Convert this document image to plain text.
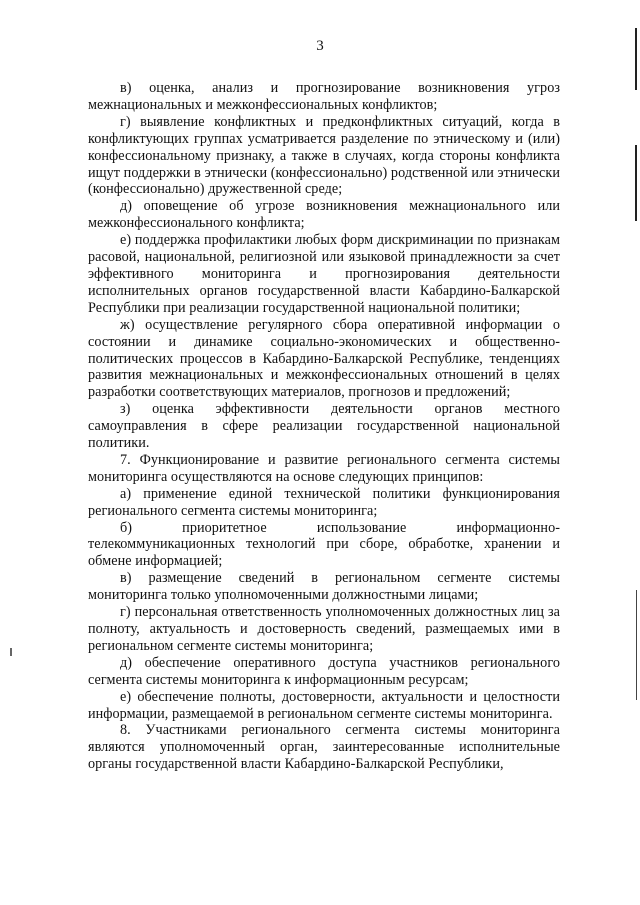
3

в) оценка, анализ и прогнозирование возникновения угроз межнациональных и межконфессиональных конфликтов;

г) выявление конфликтных и предконфликтных ситуаций, когда в конфликтующих группах усматривается разделение по этническому и (или) конфессиональному признаку, а также в случаях, когда стороны конфликта ищут поддержки в этнически (конфессионально) родственной или этнически (конфессионально) дружественной среде;

д) оповещение об угрозе возникновения межнационального или межконфессионального конфликта;

е) поддержка профилактики любых форм дискриминации по признакам расовой, национальной, религиозной или языковой принадлежности за счет эффективного мониторинга и прогнозирования деятельности исполнительных органов государственной власти Кабардино-Балкарской Республики при реализации государственной национальной политики;

ж) осуществление регулярного сбора оперативной информации о состоянии и динамике социально-экономических и общественно-политических процессов в Кабардино-Балкарской Республике, тенденциях развития межнациональных и межконфессиональных отношений в целях разработки соответствующих материалов, прогнозов и предложений;

з) оценка эффективности деятельности органов местного самоуправления в сфере реализации государственной национальной политики.

7. Функционирование и развитие регионального сегмента системы мониторинга осуществляются на основе следующих принципов:

а) применение единой технической политики функционирования регионального сегмента системы мониторинга;

б) приоритетное использование информационно-телекоммуникационных технологий при сборе, обработке, хранении и обмене информацией;

в) размещение сведений в региональном сегменте системы мониторинга только уполномоченными должностными лицами;

г) персональная ответственность уполномоченных должностных лиц за полноту, актуальность и достоверность сведений, размещаемых ими в региональном сегменте системы мониторинга;

д) обеспечение оперативного доступа участников регионального сегмента системы мониторинга к информационным ресурсам;

е) обеспечение полноты, достоверности, актуальности и целостности информации, размещаемой в региональном сегменте системы мониторинга.

8. Участниками регионального сегмента системы мониторинга являются уполномоченный орган, заинтересованные исполнительные органы государственной власти Кабардино-Балкарской Республики,
